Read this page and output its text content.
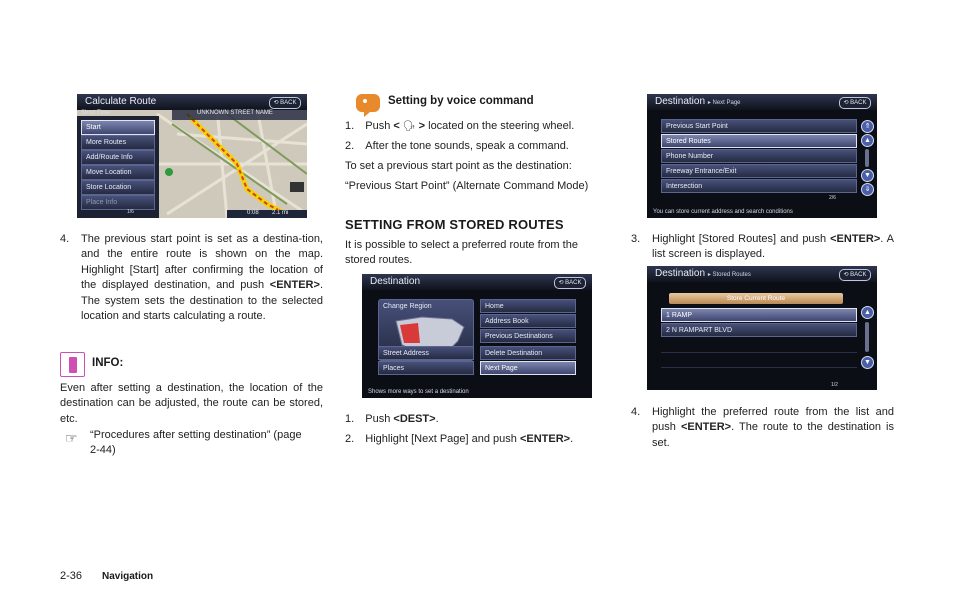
Calculate Route	⟲ BACK
Short Time	UNKNOWN STREET NAME
Start
More Routes
Add/Route Info
Move Location
Store Location
Place Info
1/6	0:08 2.1 mi
4. The previous start point is set as a destina-tion, and the entire route is shown on the map. Highlight [Start] after confirming the location of the displayed destination, and push <ENTER>. The system sets the destination to the selected location and starts calculating a route.
INFO:
Even after setting a destination, the location of the destination can be adjusted, the route can be stored, etc.
☞ “Procedures after setting destination” (page 2-44)
Setting by voice command
1. Push < 🗣 > located on the steering wheel.
2. After the tone sounds, speak a command.
To set a previous start point as the destination:
“Previous Start Point” (Alternate Command Mode)
SETTING FROM STORED ROUTES
It is possible to select a preferred route from the stored routes.
Destination	⟲ BACK
Change Region
Street Address
Places
Home
Address Book
Previous Destinations
Delete Destination
Next Page
Shows more ways to set a destination
1. Push <DEST>.
2. Highlight [Next Page] and push <ENTER>.
Destination ▸ Next Page	⟲ BACK
Previous Start Point
Stored Routes
Phone Number
Freeway Entrance/Exit
Intersection
⇑
▲
▼
⇓
2/6
You can store current address and search conditions
3. Highlight [Stored Routes] and push <ENTER>. A list screen is displayed.
Destination ▸ Stored Routes	⟲ BACK
Store Current Route
1 RAMP
2 N RAMPART BLVD
▲
▼
1/2
4. Highlight the preferred route from the list and push <ENTER>. The route to the destination is set.
2-36 Navigation
